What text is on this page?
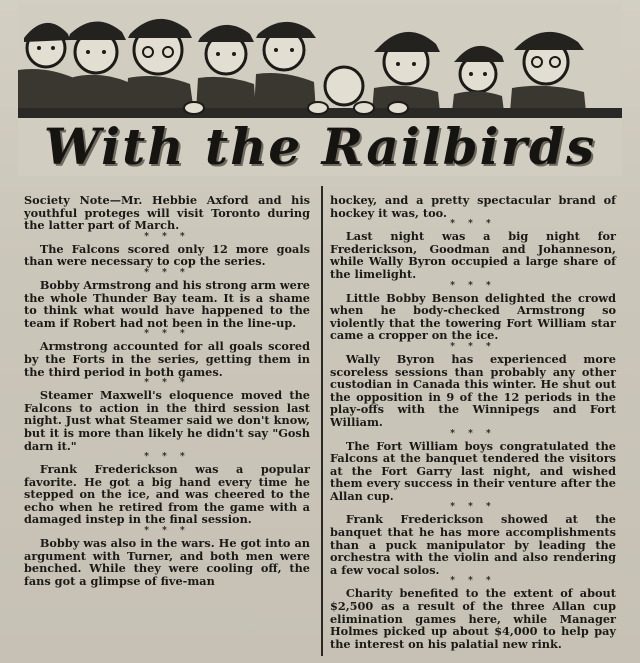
With the Railbirds

Society Note—Mr. Hebbie Axford and his youthful proteges will visit Toronto during the latter part of March.

* * *

The Falcons scored only 12 more goals than were necessary to cop the series.

* * *

Bobby Armstrong and his strong arm were the whole Thunder Bay team. It is a shame to think what would have happened to the team if Robert had not been in the line-up.

* * *

Armstrong accounted for all goals scored by the Forts in the series, getting them in the third period in both games.

* * *

Steamer Maxwell's eloquence moved the Falcons to action in the third session last night. Just what Steamer said we don't know, but it is more than likely he didn't say "Gosh darn it."

* * *

Frank Frederickson was a popular favorite. He got a big hand every time he stepped on the ice, and was cheered to the echo when he retired from the game with a damaged instep in the final session.

* * *

Bobby was also in the wars. He got into an argument with Turner, and both men were benched. While they were cooling off, the fans got a glimpse of five-man

hockey, and a pretty spectacular brand of hockey it was, too.

* * *

Last night was a big night for Frederickson, Goodman and Johanneson, while Wally Byron occupied a large share of the limelight.

* * *

Little Bobby Benson delighted the crowd when he body-checked Armstrong so violently that the towering Fort William star came a cropper on the ice.

* * *

Wally Byron has experienced more scoreless sessions than probably any other custodian in Canada this winter. He shut out the opposition in 9 of the 12 periods in the play-offs with the Winnipegs and Fort William.

* * *

The Fort William boys congratulated the Falcons at the banquet tendered the visitors at the Fort Garry last night, and wished them every success in their venture after the Allan cup.

* * *

Frank Frederickson showed at the banquet that he has more accomplishments than a puck manipulator by leading the orchestra with the violin and also rendering a few vocal solos.

* * *

Charity benefited to the extent of about $2,500 as a result of the three Allan cup elimination games here, while Manager Holmes picked up about $4,000 to help pay the interest on his palatial new rink.
